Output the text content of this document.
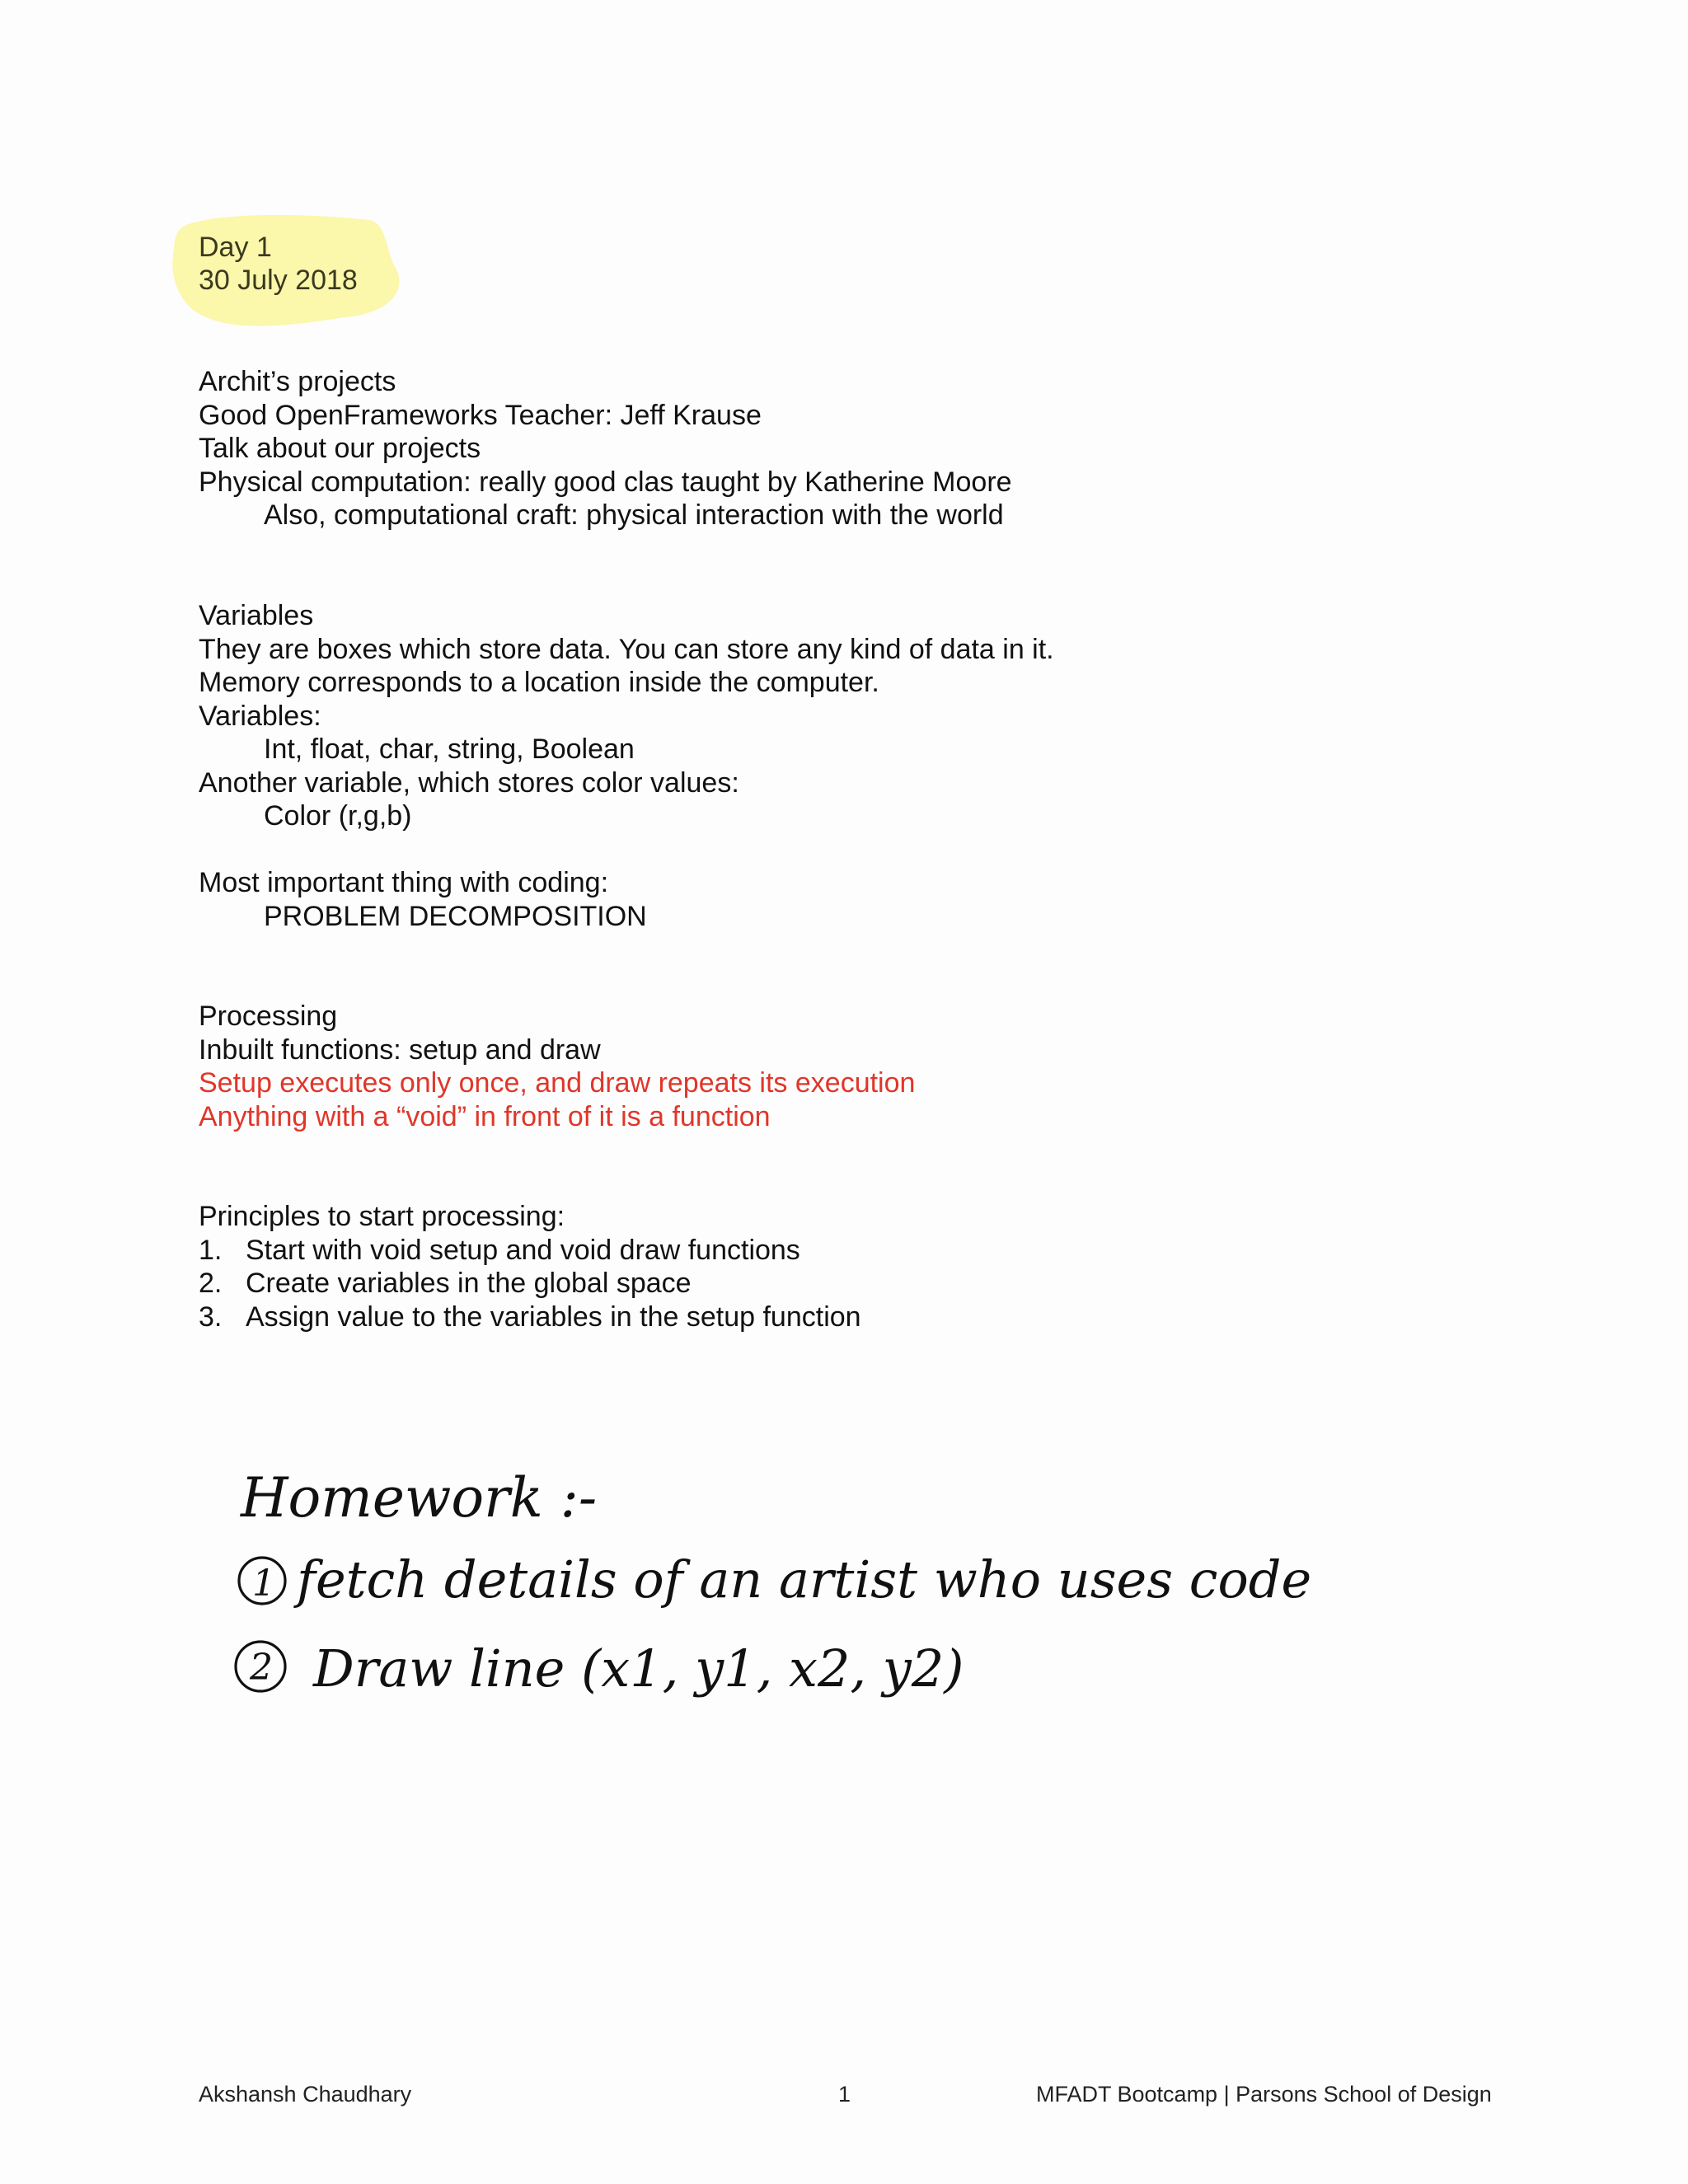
Day 1
30 July 2018
Archit’s projects
Good OpenFrameworks Teacher: Jeff Krause
Talk about our projects
Physical computation: really good clas taught by Katherine Moore
Also, computational craft: physical interaction with the world
Variables
They are boxes which store data. You can store any kind of data in it.
Memory corresponds to a location inside the computer.
Variables:
Int, float, char, string, Boolean
Another variable, which stores color values:
Color (r,g,b)
Most important thing with coding:
PROBLEM DECOMPOSITION
Processing
Inbuilt functions: setup and draw
Setup executes only once, and draw repeats its execution
Anything with a “void” in front of it is a function
Principles to start processing:
1. Start with void setup and void draw functions
2. Create variables in the global space
3. Assign value to the variables in the setup function
Homework :-
1 fetch details of an artist who uses code
2 Draw line (x1, y1, x2, y2)
Akshansh Chaudhary	1	MFADT Bootcamp | Parsons School of Design
